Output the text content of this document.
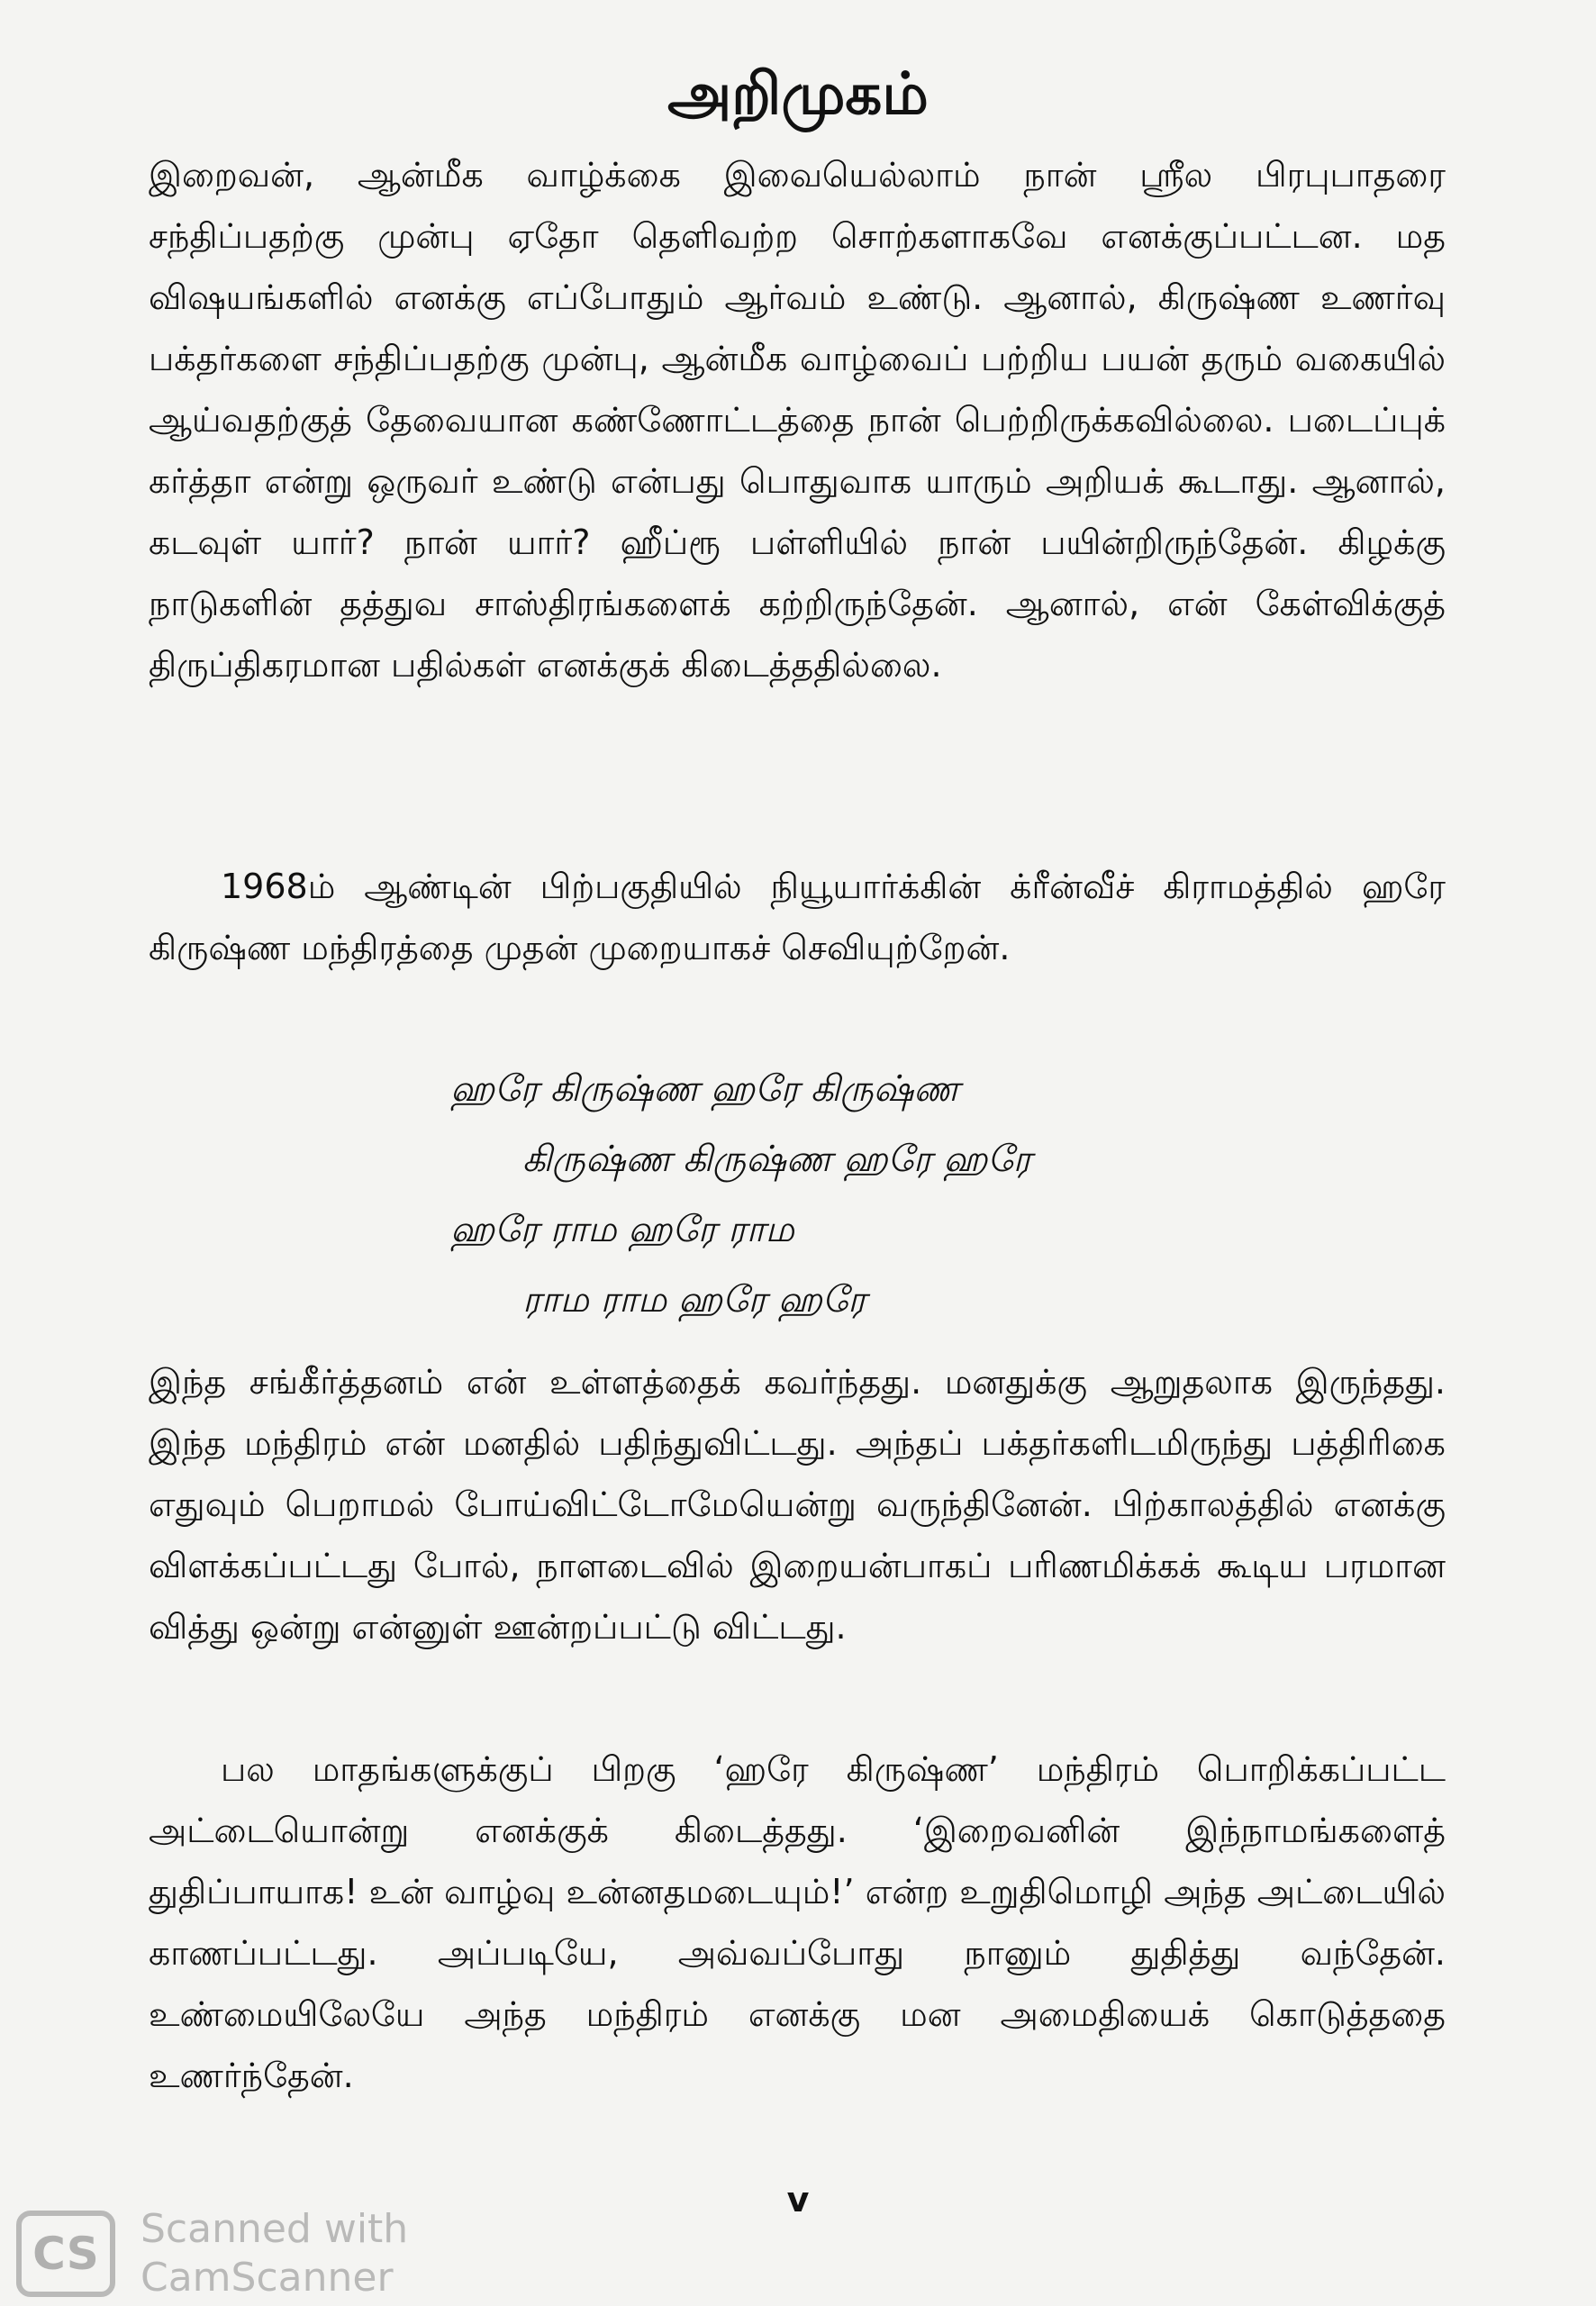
அறிமுகம்

இறைவன், ஆன்மீக வாழ்க்கை இவையெல்லாம் நான் ஸ்ரீல பிரபுபாதரை சந்திப்பதற்கு முன்பு ஏதோ தெளிவற்ற சொற்களாகவே எனக்குப்பட்டன. மத விஷயங்களில் எனக்கு எப்போதும் ஆர்வம் உண்டு. ஆனால், கிருஷ்ண உணர்வு பக்தர்களை சந்திப்பதற்கு முன்பு, ஆன்மீக வாழ்வைப் பற்றிய பயன் தரும் வகையில் ஆய்வதற்குத் தேவையான கண்ணோட்டத்தை நான் பெற்றிருக்கவில்லை. படைப்புக் கர்த்தா என்று ஒருவர் உண்டு என்பது பொதுவாக யாரும் அறியக் கூடாது. ஆனால், கடவுள் யார்? நான் யார்? ஹீப்ரூ பள்ளியில் நான் பயின்றிருந்தேன். கிழக்கு நாடுகளின் தத்துவ சாஸ்திரங்களைக் கற்றிருந்தேன். ஆனால், என் கேள்விக்குத் திருப்திகரமான பதில்கள் எனக்குக் கிடைத்ததில்லை.

1968ம் ஆண்டின் பிற்பகுதியில் நியூயார்க்கின் க்ரீன்வீச் கிராமத்தில் ஹரே கிருஷ்ண மந்திரத்தை முதன் முறையாகச் செவியுற்றேன்.

ஹரே கிருஷ்ண ஹரே கிருஷ்ண
கிருஷ்ண கிருஷ்ண ஹரே ஹரே
ஹரே ராம ஹரே ராம
ராம ராம ஹரே ஹரே

இந்த சங்கீர்த்தனம் என் உள்ளத்தைக் கவர்ந்தது. மனதுக்கு ஆறுதலாக இருந்தது. இந்த மந்திரம் என் மனதில் பதிந்துவிட்டது. அந்தப் பக்தர்களிடமிருந்து பத்திரிகை எதுவும் பெறாமல் போய்விட்டோமேயென்று வருந்தினேன். பிற்காலத்தில் எனக்கு விளக்கப்பட்டது போல், நாளடைவில் இறையன்பாகப் பரிணமிக்கக் கூடிய பரமான வித்து ஒன்று என்னுள் ஊன்றப்பட்டு விட்டது.

பல மாதங்களுக்குப் பிறகு ‘ஹரே கிருஷ்ண’ மந்திரம் பொறிக்கப்பட்ட அட்டையொன்று எனக்குக் கிடைத்தது. ‘இறைவனின் இந்நாமங்களைத் துதிப்பாயாக! உன் வாழ்வு உன்னதமடையும்!’ என்ற உறுதிமொழி அந்த அட்டையில் காணப்பட்டது. அப்படியே, அவ்வப்போது நானும் துதித்து வந்தேன். உண்மையிலேயே அந்த மந்திரம் எனக்கு மன அமைதியைக் கொடுத்ததை உணர்ந்தேன்.

v
CS	Scanned with
CamScanner
